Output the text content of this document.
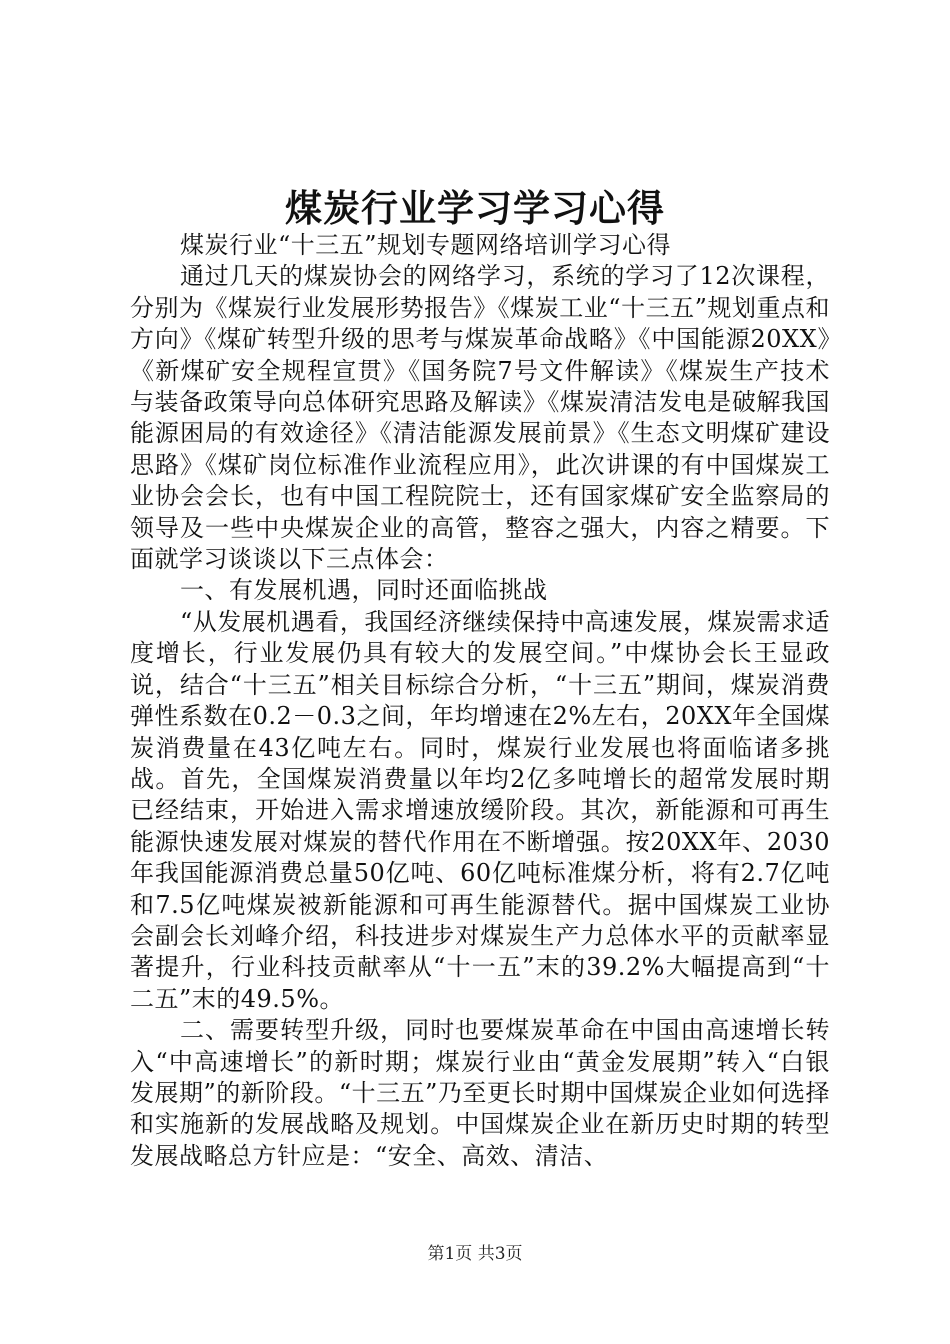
煤炭行业学习学习心得

煤炭行业“十三五”规划专题网络培训学习心得

通过几天的煤炭协会的网络学习，系统的学习了12次课程，分别为《煤炭行业发展形势报告》《煤炭工业“十三五”规划重点和方向》《煤矿转型升级的思考与煤炭革命战略》《中国能源20XX》《新煤矿安全规程宣贯》《国务院7号文件解读》《煤炭生产技术与装备政策导向总体研究思路及解读》《煤炭清洁发电是破解我国能源困局的有效途径》《清洁能源发展前景》《生态文明煤矿建设思路》《煤矿岗位标准作业流程应用》，此次讲课的有中国煤炭工业协会会长，也有中国工程院院士，还有国家煤矿安全监察局的领导及一些中央煤炭企业的高管，整容之强大，内容之精要。下面就学习谈谈以下三点体会：

一、有发展机遇，同时还面临挑战

“从发展机遇看，我国经济继续保持中高速发展，煤炭需求适度增长，行业发展仍具有较大的发展空间。”中煤协会长王显政说，结合“十三五”相关目标综合分析，“十三五”期间，煤炭消费弹性系数在0.2－0.3之间，年均增速在2%左右，20XX年全国煤炭消费量在43亿吨左右。同时，煤炭行业发展也将面临诸多挑战。首先，全国煤炭消费量以年均2亿多吨增长的超常发展时期已经结束，开始进入需求增速放缓阶段。其次，新能源和可再生能源快速发展对煤炭的替代作用在不断增强。按20XX年、2030年我国能源消费总量50亿吨、60亿吨标准煤分析，将有2.7亿吨和7.5亿吨煤炭被新能源和可再生能源替代。据中国煤炭工业协会副会长刘峰介绍，科技进步对煤炭生产力总体水平的贡献率显著提升，行业科技贡献率从“十一五”末的39.2%大幅提高到“十二五”末的49.5%。

二、需要转型升级，同时也要煤炭革命在中国由高速增长转入“中高速增长”的新时期；煤炭行业由“黄金发展期”转入“白银发展期”的新阶段。“十三五”乃至更长时期中国煤炭企业如何选择和实施新的发展战略及规划。中国煤炭企业在新历史时期的转型发展战略总方针应是：“安全、高效、清洁、

第1页 共3页
